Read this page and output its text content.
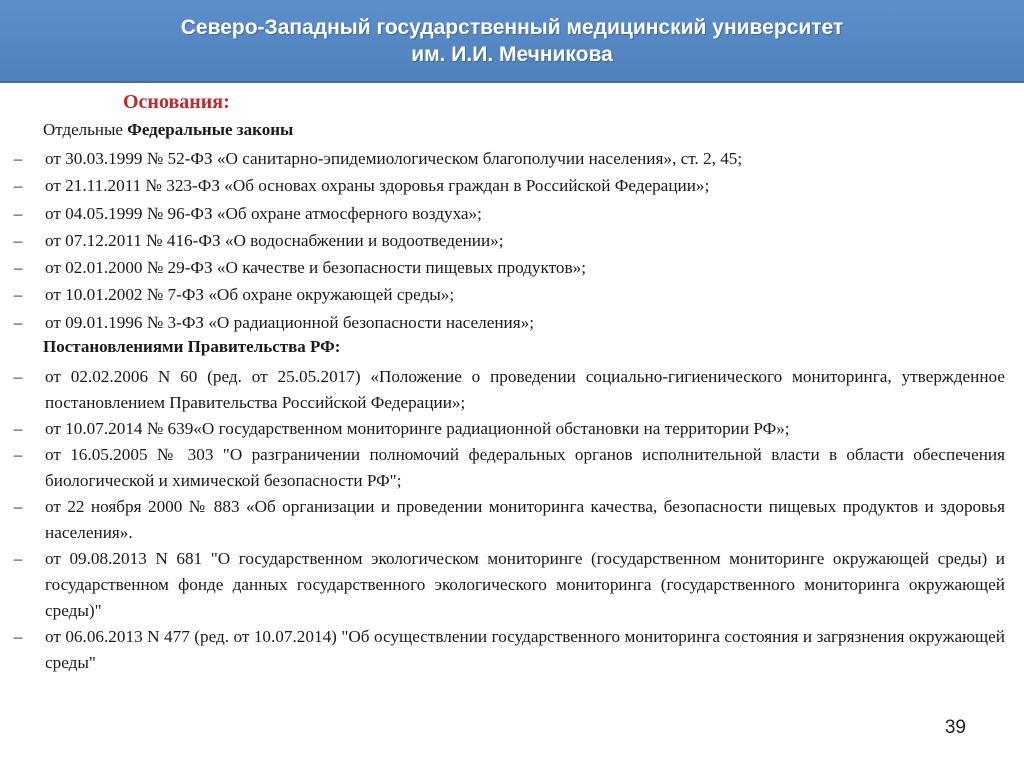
Северо-Западный государственный медицинский университет
им. И.И. Мечникова
Основания:
Отдельные Федеральные законы
– от 30.03.1999 № 52-ФЗ «О санитарно-эпидемиологическом благополучии населения», ст. 2, 45;
– от 21.11.2011 № 323-ФЗ «Об основах охраны здоровья граждан в Российской Федерации»;
– от 04.05.1999 № 96-ФЗ «Об охране атмосферного воздуха»;
– от 07.12.2011 № 416-ФЗ «О водоснабжении и водоотведении»;
– от 02.01.2000 № 29-ФЗ «О качестве и безопасности пищевых продуктов»;
– от 10.01.2002 № 7-ФЗ «Об охране окружающей среды»;
– от 09.01.1996 № 3-ФЗ «О радиационной безопасности населения»;
Постановлениями Правительства РФ:
– от 02.02.2006 N 60 (ред. от 25.05.2017) «Положение о проведении социально-гигиенического мониторинга, утвержденное постановлением Правительства Российской Федерации»;
– от 10.07.2014 № 639«О государственном мониторинге радиационной обстановки на территории РФ»;
– от 16.05.2005 № 303 "О разграничении полномочий федеральных органов исполнительной власти в области обеспечения биологической и химической безопасности РФ";
– от 22 ноября 2000 № 883 «Об организации и проведении мониторинга качества, безопасности пищевых продуктов и здоровья населения».
– от 09.08.2013 N 681 "О государственном экологическом мониторинге (государственном мониторинге окружающей среды) и государственном фонде данных государственного экологического мониторинга (государственного мониторинга окружающей среды)"
– от 06.06.2013 N 477 (ред. от 10.07.2014) "Об осуществлении государственного мониторинга состояния и загрязнения окружающей среды"
39
